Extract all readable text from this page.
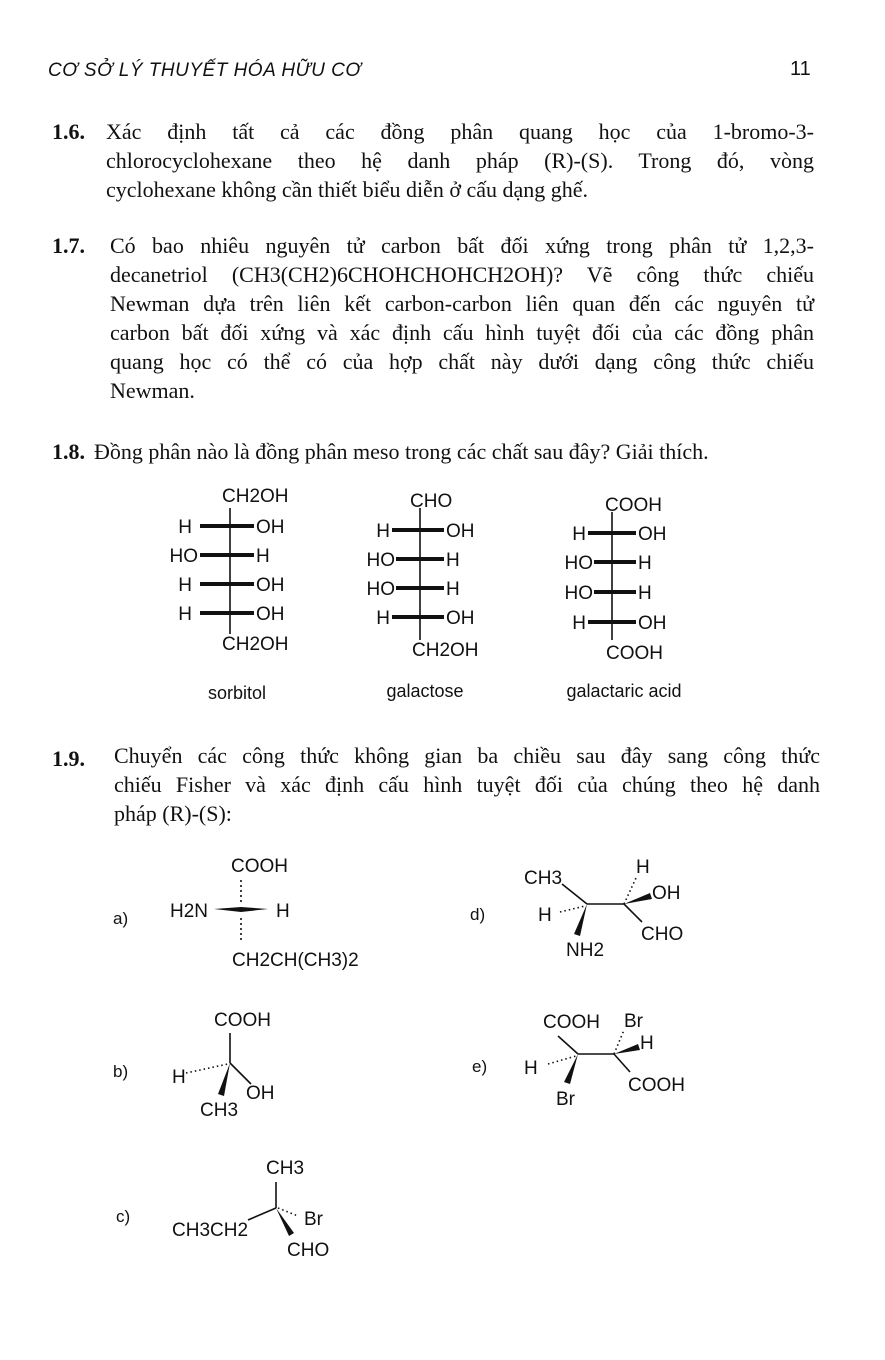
CƠ SỞ LÝ THUYẾT HÓA HỮU CƠ	11
1.6. Xác định tất cả các đồng phân quang học của 1-bromo-3-
chlorocyclohexane theo hệ danh pháp (R)-(S). Trong đó, vòng
cyclohexane không cần thiết biểu diễn ở cấu dạng ghế.
1.7. Có bao nhiêu nguyên tử carbon bất đối xứng trong phân tử 1,2,3-
decanetriol (CH3(CH2)6CHOHCHOHCH2OH)? Vẽ công thức chiếu
Newman dựa trên liên kết carbon-carbon liên quan đến các nguyên tử
carbon bất đối xứng và xác định cấu hình tuyệt đối của các đồng phân
quang học có thể có của hợp chất này dưới dạng công thức chiếu
Newman.
1.8. Đồng phân nào là đồng phân meso trong các chất sau đây? Giải thích.
1.9. Chuyển các công thức không gian ba chiều sau đây sang công thức
chiếu Fisher và xác định cấu hình tuyệt đối của chúng theo hệ danh
pháp (R)-(S):
CH2OH
H	OH
HO	H
H	OH
H	OH
CH2OH
sorbitol
CHO
H	OH
HO	H
HO	H
H	OH
CH2OH
galactose
COOH
H	OH
HO H
HO H
H	OH
COOH
galactaric acid
a)
COOH
H2N	H
CH2CH(CH3)2
b)
COOH
H
OH
CH3
c)
CH3
CH3CH2
Br
CHO
d)
CH3
H
NH2
H
OH
CHO
e)
COOH
H
Br
Br
H
COOH
